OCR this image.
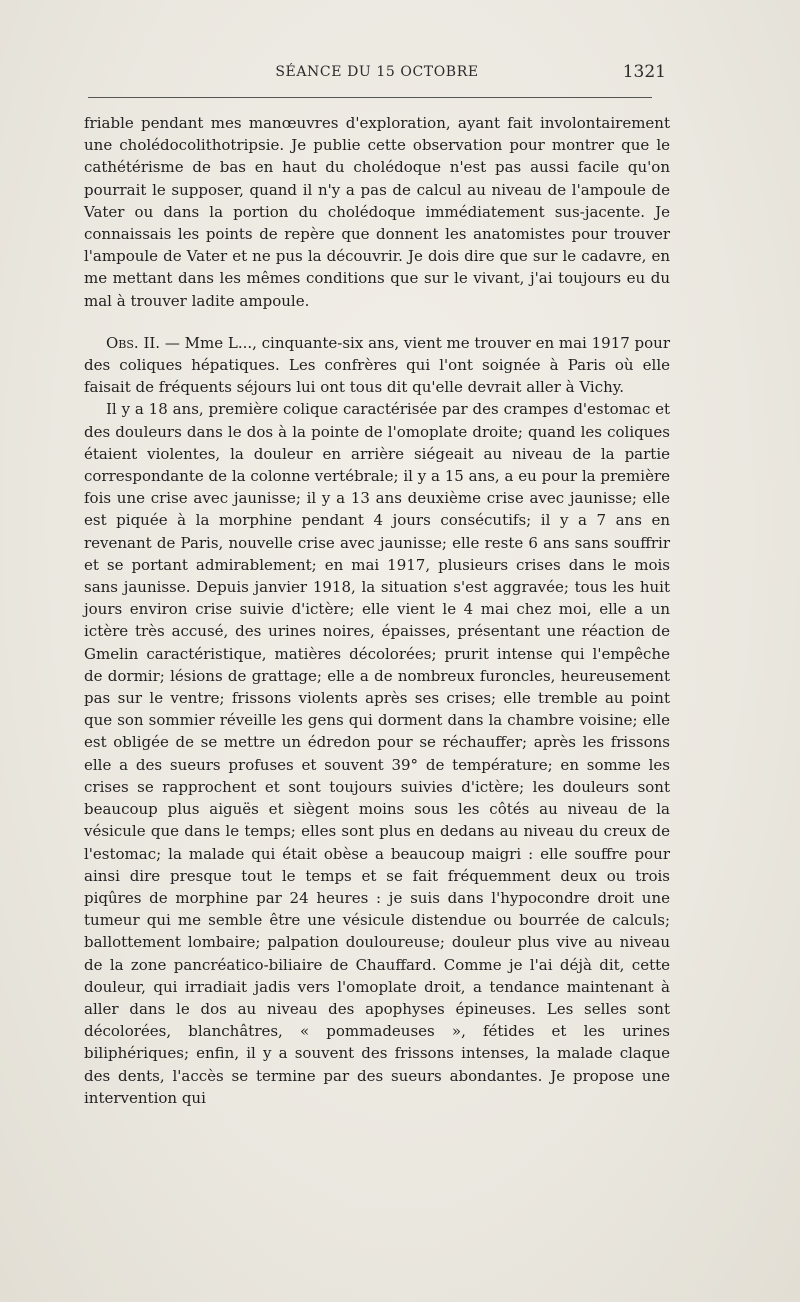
SÉANCE DU 15 OCTOBRE	1321

friable pendant mes manœuvres d'exploration, ayant fait involontairement une cholédocolithotripsie. Je publie cette observation pour montrer que le cathétérisme de bas en haut du cholédoque n'est pas aussi facile qu'on pourrait le supposer, quand il n'y a pas de calcul au niveau de l'ampoule de Vater ou dans la portion du cholédoque immédiatement sus-jacente. Je connaissais les points de repère que donnent les anatomistes pour trouver l'ampoule de Vater et ne pus la découvrir. Je dois dire que sur le cadavre, en me mettant dans les mêmes conditions que sur le vivant, j'ai toujours eu du mal à trouver ladite ampoule.

Obs. II. — Mme L..., cinquante-six ans, vient me trouver en mai 1917 pour des coliques hépatiques. Les confrères qui l'ont soignée à Paris où elle faisait de fréquents séjours lui ont tous dit qu'elle devrait aller à Vichy.

Il y a 18 ans, première colique caractérisée par des crampes d'estomac et des douleurs dans le dos à la pointe de l'omoplate droite; quand les coliques étaient violentes, la douleur en arrière siégeait au niveau de la partie correspondante de la colonne vertébrale; il y a 15 ans, a eu pour la première fois une crise avec jaunisse; il y a 13 ans deuxième crise avec jaunisse; elle est piquée à la morphine pendant 4 jours consécutifs; il y a 7 ans en revenant de Paris, nouvelle crise avec jaunisse; elle reste 6 ans sans souffrir et se portant admirablement; en mai 1917, plusieurs crises dans le mois sans jaunisse. Depuis janvier 1918, la situation s'est aggravée; tous les huit jours environ crise suivie d'ictère; elle vient le 4 mai chez moi, elle a un ictère très accusé, des urines noires, épaisses, présentant une réaction de Gmelin caractéristique, matières décolorées; prurit intense qui l'empêche de dormir; lésions de grattage; elle a de nombreux furoncles, heureusement pas sur le ventre; frissons violents après ses crises; elle tremble au point que son sommier réveille les gens qui dorment dans la chambre voisine; elle est obligée de se mettre un édredon pour se réchauffer; après les frissons elle a des sueurs profuses et souvent 39° de température; en somme les crises se rapprochent et sont toujours suivies d'ictère; les douleurs sont beaucoup plus aiguës et siègent moins sous les côtés au niveau de la vésicule que dans le temps; elles sont plus en dedans au niveau du creux de l'estomac; la malade qui était obèse a beaucoup maigri : elle souffre pour ainsi dire presque tout le temps et se fait fréquemment deux ou trois piqûres de morphine par 24 heures : je suis dans l'hypocondre droit une tumeur qui me semble être une vésicule distendue ou bourrée de calculs; ballottement lombaire; palpation douloureuse; douleur plus vive au niveau de la zone pancréatico-biliaire de Chauffard. Comme je l'ai déjà dit, cette douleur, qui irradiait jadis vers l'omoplate droit, a tendance maintenant à aller dans le dos au niveau des apophyses épineuses. Les selles sont décolorées, blanchâtres, « pommadeuses », fétides et les urines biliphériques; enfin, il y a souvent des frissons intenses, la malade claque des dents, l'accès se termine par des sueurs abondantes. Je propose une intervention qui
